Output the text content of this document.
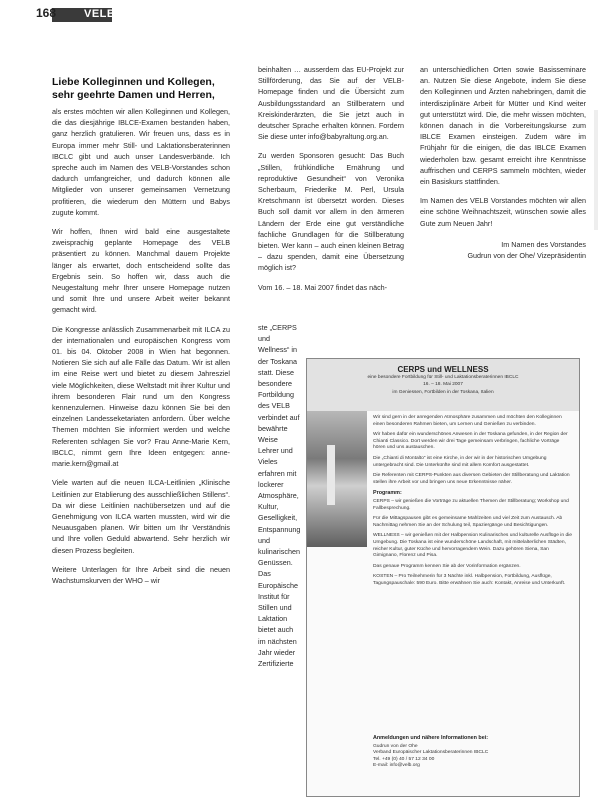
168	VELB
Liebe Kolleginnen und Kollegen, sehr geehrte Damen und Herren,
als erstes möchten wir allen Kolleginnen und Kollegen, die das diesjährige IBLCE-Examen bestanden haben, ganz herzlich gratulieren. Wir freuen uns, dass es in Europa immer mehr Still- und Laktationsberaterinnen IBCLC gibt und auch unser Landesverbände. Ich spreche auch im Namen des VELB-Vorstandes schon dadurch umfangreicher, und dadurch können alle Mitglieder von unserer gemeinsamen Vernetzung profitieren, die wiederum den Müttern und Babys zugute kommt.
Wir hoffen, Ihnen wird bald eine ausgestaltete zweisprachig geplante Homepage des VELB präsentiert zu können. Manchmal dauern Projekte länger als erwartet, doch entscheidend sollte das Ergebnis sein. So hoffen wir, dass auch die Neugestaltung mehr Ihrer unsere Homepage nutzen und somit Ihre und unsere Arbeit weiter bekannt gemacht wird.
Die Kongresse anlässlich Zusammenarbeit mit ILCA zu der internationalen und europäischen Kongress vom 01. bis 04. Oktober 2008 in Wien hat begonnen. Notieren Sie sich auf alle Fälle das Datum. Wir ist allen im eine Reise wert und bietet zu diesem Jahresziel viele Möglichkeiten, diese Weltstadt mit ihrer Kultur und ihrem besonderen Flair rund um den Kongress kennenzulernen. Hinweise dazu können Sie bei den einzelnen Landesseketariaten anfordern. Über welche Themen möchten Sie informiert werden und welche Referenten schlagen Sie vor? Frau Anne-Marie Kern, IBCLC, nimmt gern Ihre Ideen entgegen: anne-marie.kern@gmail.at
Viele warten auf die neuen ILCA-Leitlinien „Klinische Leitlinien zur Etablierung des ausschließlichen Stillens“. Da wir diese Leitlinien nachübersetzen und auf die Genehmigung von ILCA warten mussten, wird wir die Neuausgaben planen. Wir bitten um Ihr Verständnis und Ihre vollen Geduld abwartend. Sehr herzlich wir diesen Prozess begleiten.
Weitere Unterlagen für Ihre Arbeit sind die neuen Wachstumskurven der WHO – wir
beinhalten … ausserdem das EU-Projekt zur Stillförderung, das Sie auf der VELB-Homepage finden und die Übersicht zum Ausbildungsstandard an Stillberatern und Kreiskinderärzten, die Sie jetzt auch in deutscher Sprache erhalten können. Fordern Sie diese unter info@babyraltung.org.an.
Zu werden Sponsoren gesucht: Das Buch „Stillen, frühkindliche Ernährung und reproduktive Gesundheit“ von Veronika Scherbaum, Friederike M. Perl, Ursula Kretschmann ist übersetzt worden. Dieses Buch soll damit vor allem in den ärmeren Ländern der Erde eine gut verständliche fachliche Grundlagen für die Stillberatung bieten. Wer kann – auch einen kleinen Betrag – dazu spenden, damit eine Übersetzung möglich ist?
Vom 16. – 18. Mai 2007 findet das näch-
ste „CERPS und Wellness“ in der Toskana statt. Diese besondere Fortbildung des VELB verbindet auf bewährte Weise Lehrer und Vieles erfahren mit lockerer Atmosphäre, Kultur, Geselligkeit, Entspannung und kulinarischen Genüssen. Das Europäische Institut für Stillen und Laktation bietet auch im nächsten Jahr wieder Zertifizierte
an unterschiedlichen Orten sowie Basisseminare an. Nutzen Sie diese Angebote, indem Sie diese den Kolleginnen und Ärzten nahebringen, damit die interdisziplinäre Arbeit für Mütter und Kind weiter gut unterstützt wird. Die, die mehr wissen möchten, können danach in die Vorbereitungskurse zum IBLCE Examen einsteigen. Zudem wäre im Frühjahr für die einigen, die das IBLCE Examen wiederholen bzw. gesamt erreicht ihre Kenntnisse auffrischen und CERPS sammeln möchten, wieder ein Basiskurs stattfinden.
Im Namen des VELB Vorstandes möchten wir allen eine schöne Weihnachtszeit, wünschen sowie alles Gute zum Neuen Jahr!
Im Namen des Vorstandes
Gudrun von der Ohe/ Vizepräsidentin
CERPS und WELLNESS
eine besondere Fortbildung für Still- und Laktationsberaterinnen IBCLC
16. – 18. Mai 2007
im Geniessen, Fortbilden in der Toskana, Italien

Wir sind gern in der anregenden Atmosphäre zusammen und möchten den Kolleginnen einen besonderen Rahmen bieten, um Lernen und Genießen zu verbinden.

Wir haben dafür ein wunderschönes Anwesen in der Toskana gefunden, in der Region der Chianti Classico. Dort werden wir drei Tage gemeinsam verbringen, fachliche Vorträge hören und uns austauschen.

Die „Chianti di Montalto“ ist eine Kirche, in der wir in der historischen Umgebung untergebracht sind. Die Unterkünfte sind mit allem Komfort ausgestattet.

Die Referenten mit CERPS-Punkten aus diversen Gebieten der Stillberatung und Laktation stellen ihre Arbeit vor und bringen uns neue Erkenntnisse näher.

Programm:

CERPS – wir genießen die Vorträge zu aktuellen Themen der Stillberatung; Workshop und Fallbesprechung.

Für die Mittagspausen gibt es gemeinsame Mahlzeiten und viel Zeit zum Austausch. Ab Nachmittag nehmen Sie an der Schulung teil, Spaziergänge und Besichtigungen.

WELLNESS – wir genießen mit der Halbpension Kulinarisches und kulturelle Ausflüge in die Umgebung. Die Toskana ist eine wunderschöne Landschaft, mit mittelalterlichen Städten, reicher Kultur, guter Küche und hervorragendem Wein. Dazu gehören Siena, San Gimignano, Florenz und Pisa.

Das genaue Programm kennen Sie ab der Vorinformation ergänzen.

KOSTEN – Pro Teilnehmerin für 3 Nächte inkl. Halbpension, Fortbildung, Ausflüge, Tagungspauschale: 590 Euro. Bitte erwähnen Sie auch: Kontakt, Anreise und Unterkunft.

Anmeldungen und nähere Informationen bei:
Gudrun von der Ohe
Verband Europäischer Laktationsberaterinnen IBCLC
Tel. +49 (0) 40 / 57 12 34 00
E-mail: info@velb.org
